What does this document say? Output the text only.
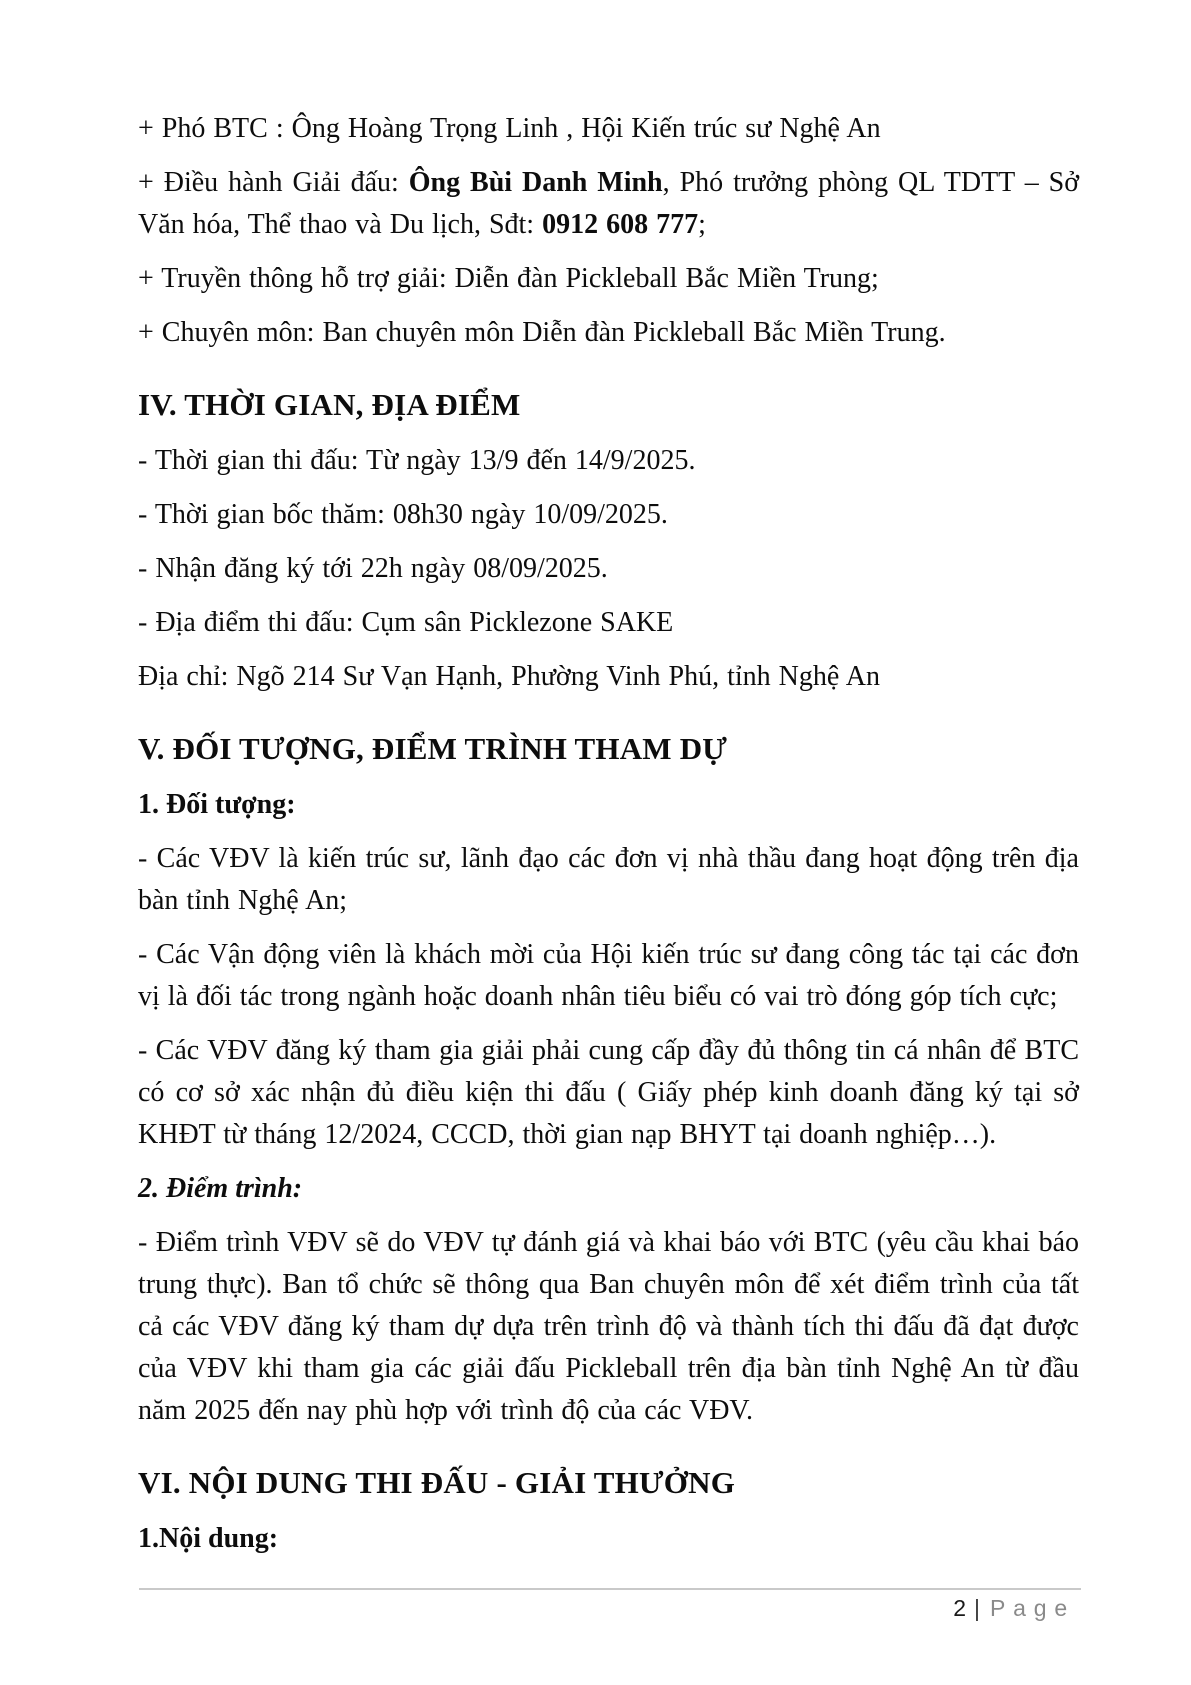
+ Phó BTC : Ông Hoàng Trọng Linh , Hội Kiến trúc sư Nghệ An

+ Điều hành Giải đấu: Ông Bùi Danh Minh, Phó trưởng phòng QL TDTT – Sở Văn hóa, Thể thao và Du lịch, Sđt: 0912 608 777;

+ Truyền thông hỗ trợ giải: Diễn đàn Pickleball Bắc Miền Trung;

+ Chuyên môn: Ban chuyên môn Diễn đàn Pickleball Bắc Miền Trung.

IV. THỜI GIAN, ĐỊA ĐIỂM

- Thời gian thi đấu: Từ ngày 13/9 đến 14/9/2025.

- Thời gian bốc thăm: 08h30 ngày 10/09/2025.

- Nhận đăng ký tới 22h ngày 08/09/2025.

- Địa điểm thi đấu: Cụm sân Picklezone SAKE

Địa chỉ: Ngõ 214 Sư Vạn Hạnh, Phường Vinh Phú, tỉnh Nghệ An

V. ĐỐI TƯỢNG, ĐIỂM TRÌNH THAM DỰ

1. Đối tượng:

- Các VĐV là kiến trúc sư, lãnh đạo các đơn vị nhà thầu đang hoạt động trên địa bàn tỉnh Nghệ An;

- Các Vận động viên là khách mời của Hội kiến trúc sư đang công tác tại các đơn vị là đối tác trong ngành hoặc doanh nhân tiêu biểu có vai trò đóng góp tích cực;

- Các VĐV đăng ký tham gia giải phải cung cấp đầy đủ thông tin cá nhân để BTC có cơ sở xác nhận đủ điều kiện thi đấu ( Giấy phép kinh doanh đăng ký tại sở KHĐT từ tháng 12/2024, CCCD, thời gian nạp BHYT tại doanh nghiệp…).

2. Điểm trình:

- Điểm trình VĐV sẽ do VĐV tự đánh giá và khai báo với BTC (yêu cầu khai báo trung thực). Ban tổ chức sẽ thông qua Ban chuyên môn để xét điểm trình của tất cả các VĐV đăng ký tham dự dựa trên trình độ và thành tích thi đấu đã đạt được của VĐV khi tham gia các giải đấu Pickleball trên địa bàn tỉnh Nghệ An từ đầu năm 2025 đến nay phù hợp với trình độ của các VĐV.

VI. NỘI DUNG THI ĐẤU - GIẢI THƯỞNG

1.Nội dung:

2 | Page
